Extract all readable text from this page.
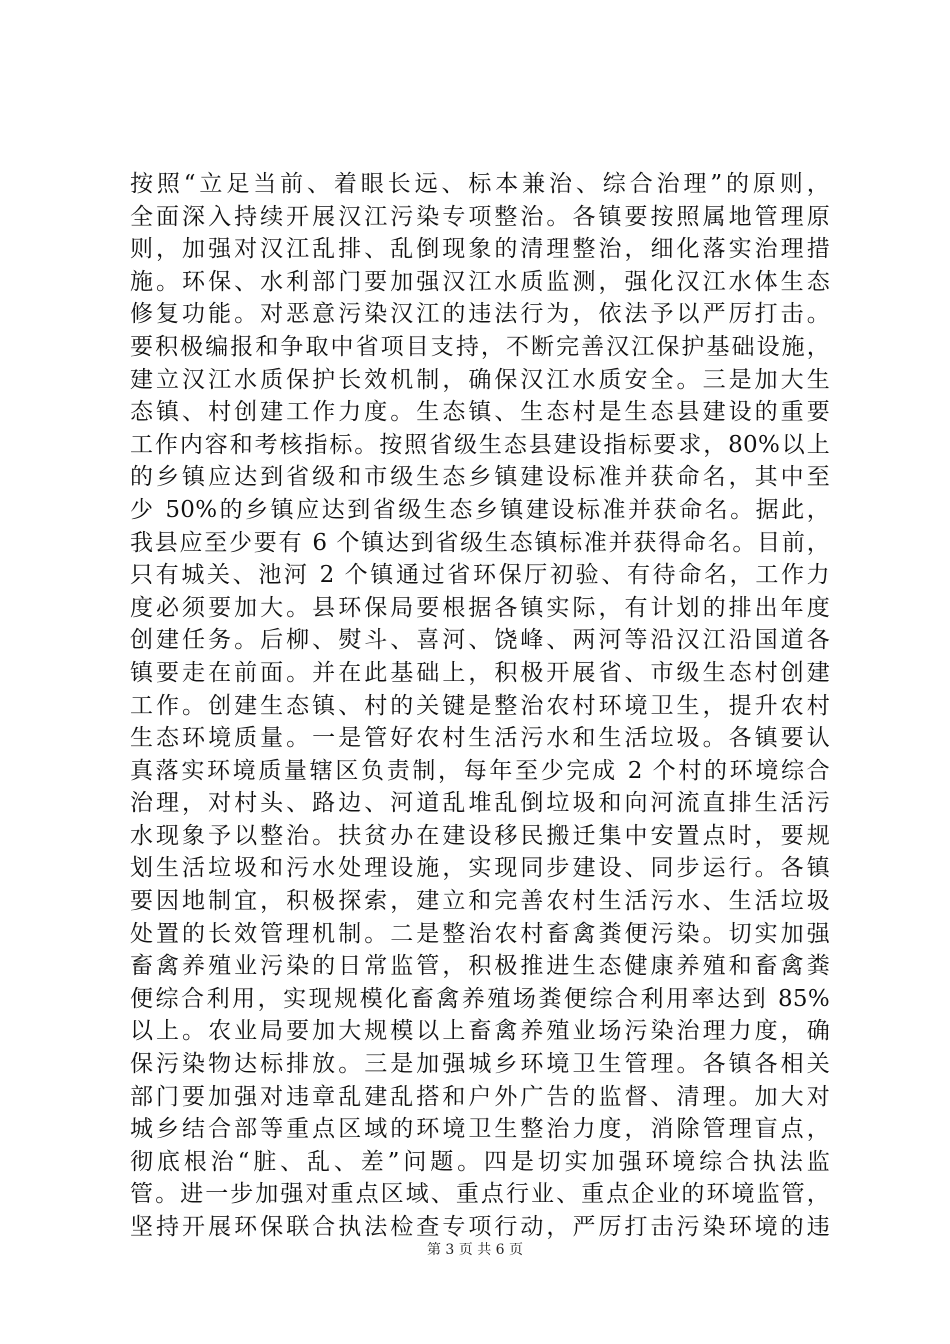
按照“立足当前、着眼长远、标本兼治、综合治理”的原则，
全面深入持续开展汉江污染专项整治。各镇要按照属地管理原
则，加强对汉江乱排、乱倒现象的清理整治，细化落实治理措
施。环保、水利部门要加强汉江水质监测，强化汉江水体生态
修复功能。对恶意污染汉江的违法行为，依法予以严厉打击。
要积极编报和争取中省项目支持，不断完善汉江保护基础设施，
建立汉江水质保护长效机制，确保汉江水质安全。三是加大生
态镇、村创建工作力度。生态镇、生态村是生态县建设的重要
工作内容和考核指标。按照省级生态县建设指标要求，80%以上
的乡镇应达到省级和市级生态乡镇建设标准并获命名，其中至
少 50%的乡镇应达到省级生态乡镇建设标准并获命名。据此，
我县应至少要有 6 个镇达到省级生态镇标准并获得命名。目前，
只有城关、池河 2 个镇通过省环保厅初验、有待命名，工作力
度必须要加大。县环保局要根据各镇实际，有计划的排出年度
创建任务。后柳、熨斗、喜河、饶峰、两河等沿汉江沿国道各
镇要走在前面。并在此基础上，积极开展省、市级生态村创建
工作。创建生态镇、村的关键是整治农村环境卫生，提升农村
生态环境质量。一是管好农村生活污水和生活垃圾。各镇要认
真落实环境质量辖区负责制，每年至少完成 2 个村的环境综合
治理，对村头、路边、河道乱堆乱倒垃圾和向河流直排生活污
水现象予以整治。扶贫办在建设移民搬迁集中安置点时，要规
划生活垃圾和污水处理设施，实现同步建设、同步运行。各镇
要因地制宜，积极探索，建立和完善农村生活污水、生活垃圾
处置的长效管理机制。二是整治农村畜禽粪便污染。切实加强
畜禽养殖业污染的日常监管，积极推进生态健康养殖和畜禽粪
便综合利用，实现规模化畜禽养殖场粪便综合利用率达到 85%
以上。农业局要加大规模以上畜禽养殖业场污染治理力度，确
保污染物达标排放。三是加强城乡环境卫生管理。各镇各相关
部门要加强对违章乱建乱搭和户外广告的监督、清理。加大对
城乡结合部等重点区域的环境卫生整治力度，消除管理盲点，
彻底根治“脏、乱、差”问题。四是切实加强环境综合执法监
管。进一步加强对重点区域、重点行业、重点企业的环境监管，
坚持开展环保联合执法检查专项行动，严厉打击污染环境的违
第 3 页 共 6 页
